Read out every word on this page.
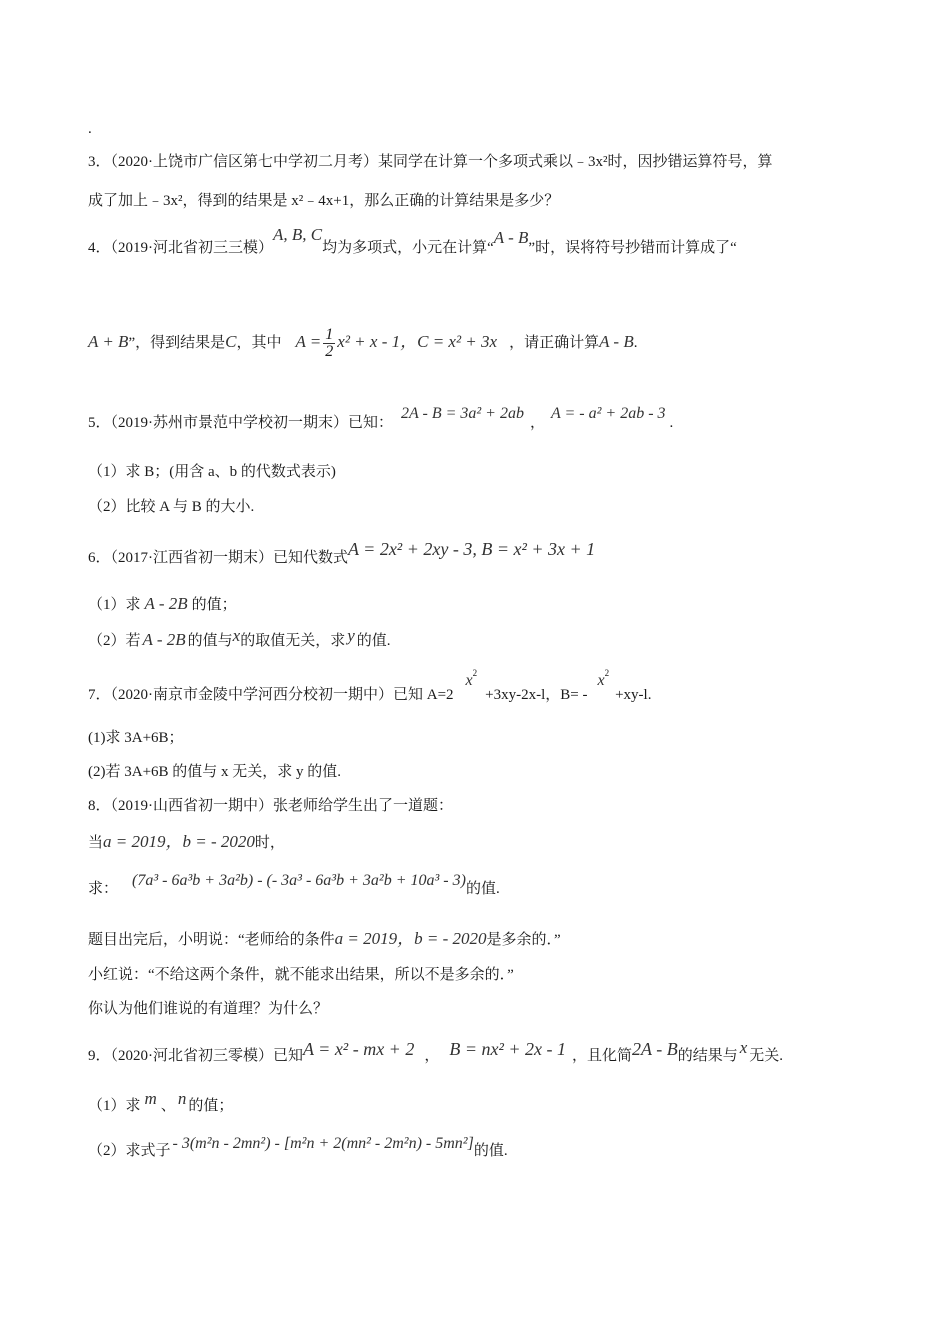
.
3．（2020·上饶市广信区第七中学初二月考）某同学在计算一个多项式乘以﹣3x²时，因抄错运算符号，算
成了加上﹣3x²，得到的结果是 x²﹣4x+1，那么正确的计算结果是多少？
4．（2019·河北省初三三模）A, B, C均为多项式，小元在计算“A - B”时，误将符号抄错而计算成了“
A + B”，得到结果是C，其中 $A = \frac{1}{2} x^2 + x - 1$，C = x² + 3x ，请正确计算A - B.
5．（2019·苏州市景范中学校初一期末）已知：2A - B = 3a² + 2ab，A = - a² + 2ab - 3.
（1）求 B；(用含 a、b 的代数式表示)
（2）比较 A 与 B 的大小.
6．（2017·江西省初一期末）已知代数式A = 2x² + 2xy - 3, B = x² + 3x + 1
（1）求 A - 2B 的值；
（2）若 A - 2B 的值与x的取值无关，求 y 的值.
7．（2020·南京市金陵中学河西分校初一期中）已知 $A=2x^2+3xy-2x-l$，$B= -x^2+xy-l$.
(1)求 3A+6B；
(2)若 3A+6B 的值与 x 无关，求 y 的值.
8．（2019·山西省初一期中）张老师给学生出了一道题：
当a = 2019，b = - 2020时，
求： (7a³ - 6a³b + 3a²b) - (- 3a³ - 6a³b + 3a²b + 10a³ - 3)的值.
题目出完后，小明说：“老师给的条件a = 2019，b = - 2020是多余的．”
小红说：“不给这两个条件，就不能求出结果，所以不是多余的．”
你认为他们谁说的有道理？为什么？
9．（2020·河北省初三零模）已知A = x² - mx + 2 ， B = nx² + 2x - 1 ，且化简2A - B的结果与 x 无关.
（1）求 m 、 n 的值；
（2）求式子 - 3(m²n - 2mn²) - [m²n + 2(mn² - 2m²n) - 5mn²]的值.
